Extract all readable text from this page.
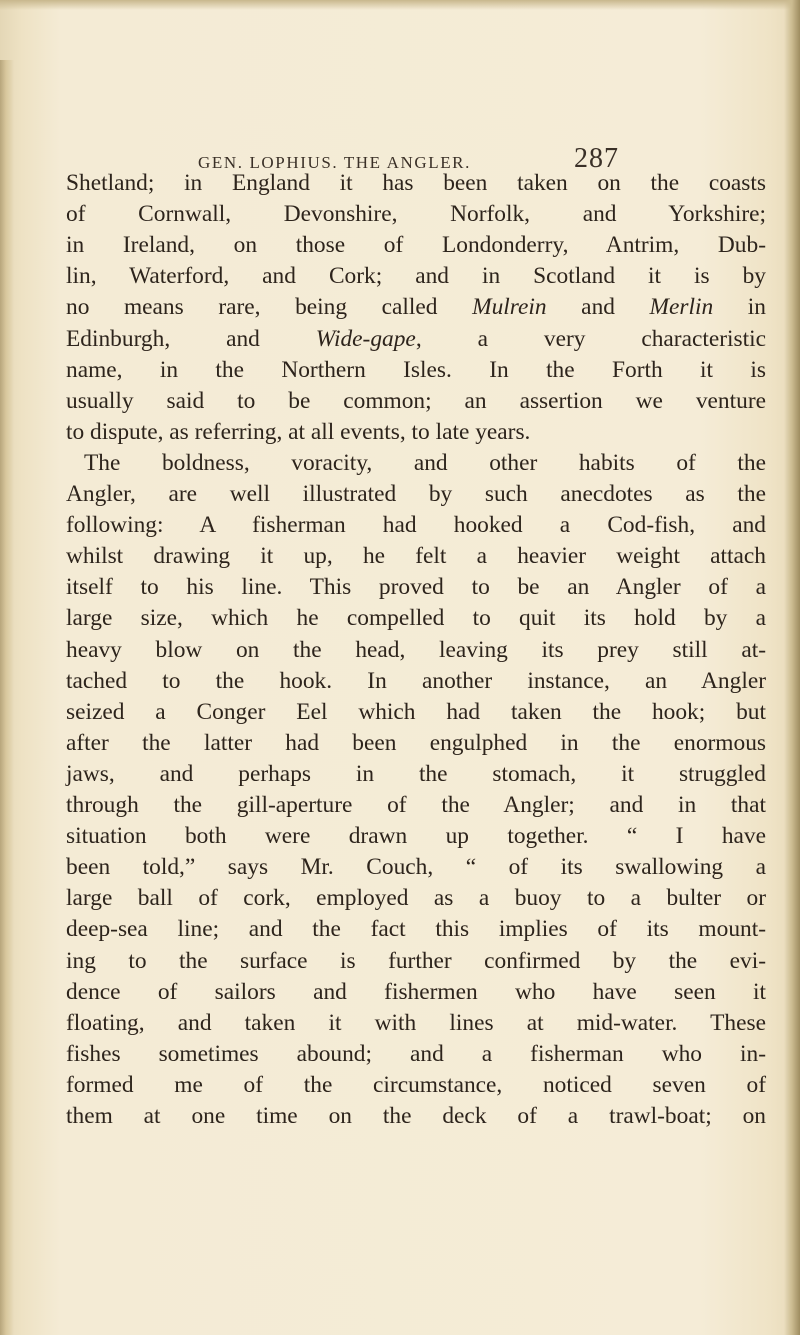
GEN. LOPHIUS. THE ANGLER.	287
Shetland; in England it has been taken on the coasts
of Cornwall, Devonshire, Norfolk, and Yorkshire;
in Ireland, on those of Londonderry, Antrim, Dub-
lin, Waterford, and Cork; and in Scotland it is by
no means rare, being called Mulrein and Merlin in
Edinburgh, and Wide-gape, a very characteristic
name, in the Northern Isles. In the Forth it is
usually said to be common; an assertion we venture
to dispute, as referring, at all events, to late years.
The boldness, voracity, and other habits of the
Angler, are well illustrated by such anecdotes as the
following: A fisherman had hooked a Cod-fish, and
whilst drawing it up, he felt a heavier weight attach
itself to his line. This proved to be an Angler of a
large size, which he compelled to quit its hold by a
heavy blow on the head, leaving its prey still at-
tached to the hook. In another instance, an Angler
seized a Conger Eel which had taken the hook; but
after the latter had been engulphed in the enormous
jaws, and perhaps in the stomach, it struggled
through the gill-aperture of the Angler; and in that
situation both were drawn up together. “ I have
been told,” says Mr. Couch, “ of its swallowing a
large ball of cork, employed as a buoy to a bulter or
deep-sea line; and the fact this implies of its mount-
ing to the surface is further confirmed by the evi-
dence of sailors and fishermen who have seen it
floating, and taken it with lines at mid-water. These
fishes sometimes abound; and a fisherman who in-
formed me of the circumstance, noticed seven of
them at one time on the deck of a trawl-boat; on
